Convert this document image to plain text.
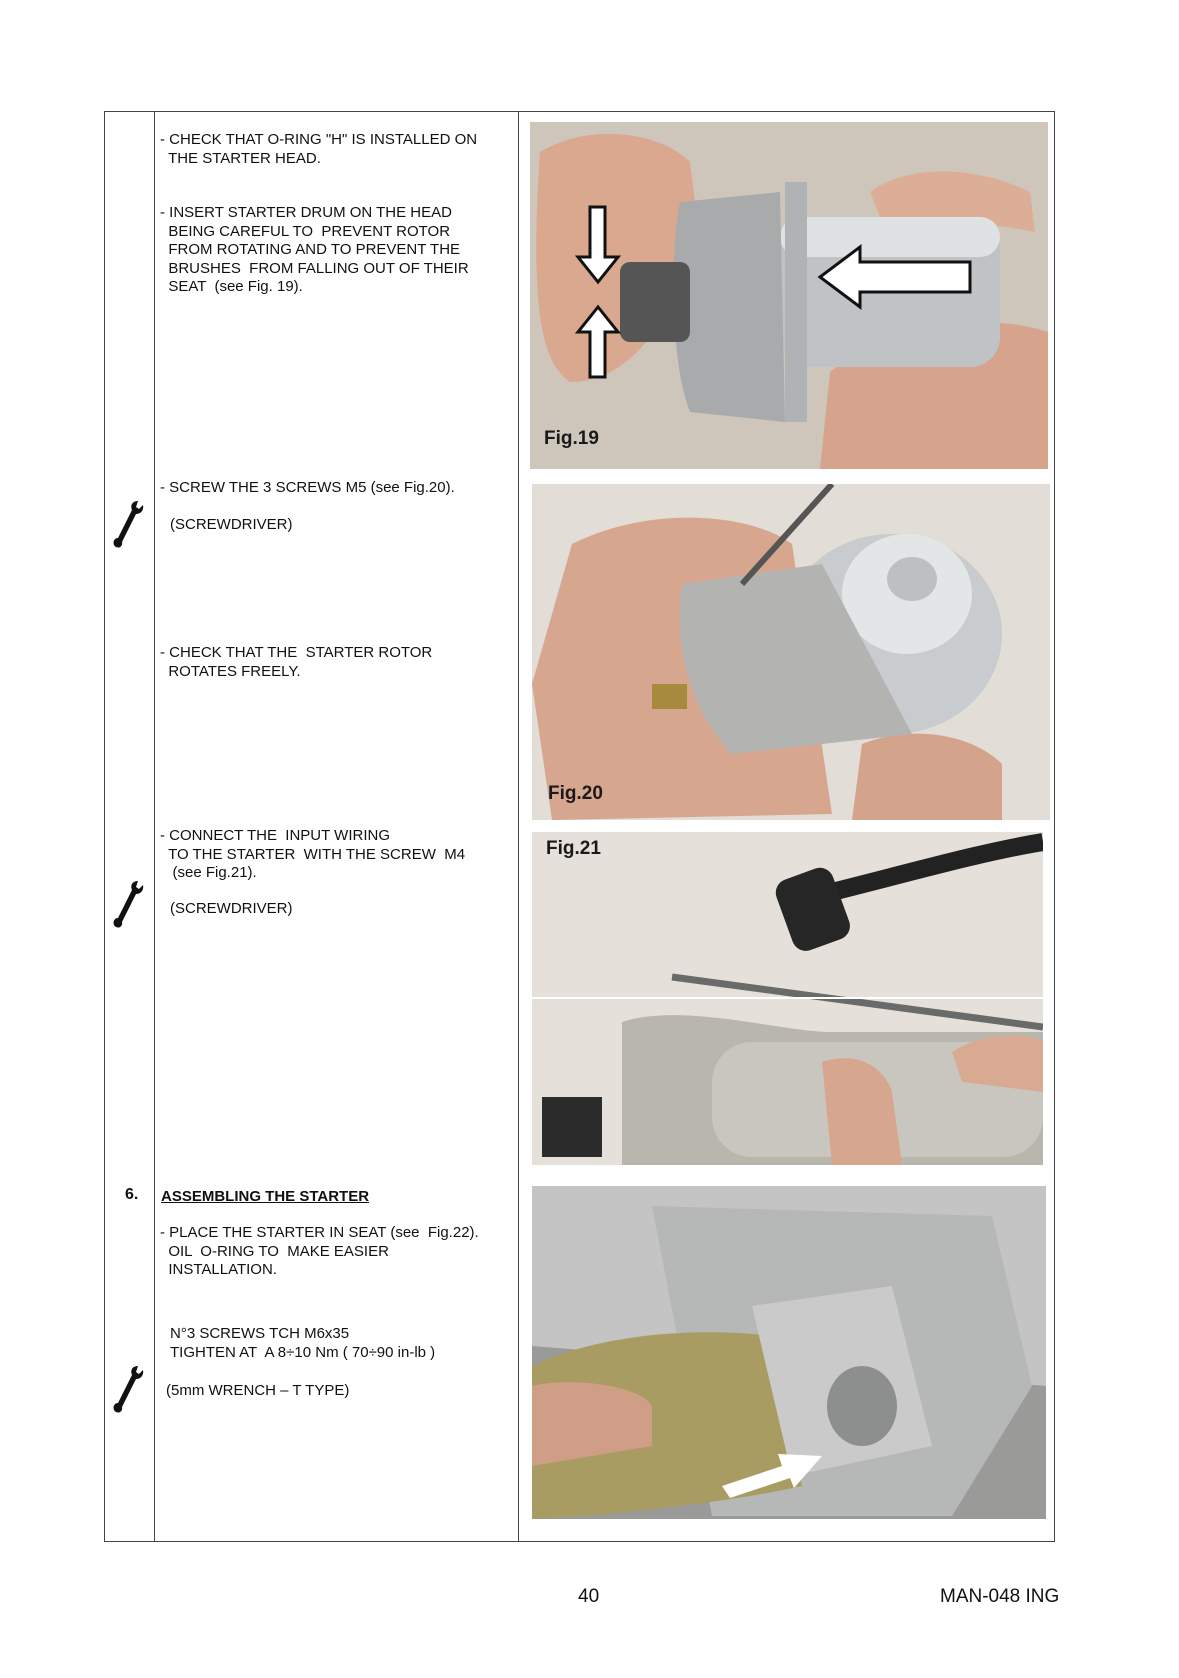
- CHECK THAT O-RING "H" IS INSTALLED ON
THE STARTER HEAD.
- INSERT STARTER DRUM ON THE HEAD
BEING CAREFUL TO  PREVENT ROTOR
FROM ROTATING AND TO PREVENT THE
BRUSHES  FROM FALLING OUT OF THEIR
SEAT  (see Fig. 19).
- SCREW THE 3 SCREWS M5 (see Fig.20).
(SCREWDRIVER)
- CHECK THAT THE  STARTER ROTOR
ROTATES FREELY.
- CONNECT THE  INPUT WIRING
TO THE STARTER  WITH THE SCREW  M4
(see Fig.21).
(SCREWDRIVER)
6. ASSEMBLING THE STARTER
- PLACE THE STARTER IN SEAT (see  Fig.22).
OIL  O-RING TO  MAKE EASIER
INSTALLATION.
N°3 SCREWS TCH M6x35
TIGHTEN AT  A 8÷10 Nm ( 70÷90 in-lb )
(5mm WRENCH – T TYPE)
Fig.19
Fig.20
Fig.21
40	MAN-048 ING
